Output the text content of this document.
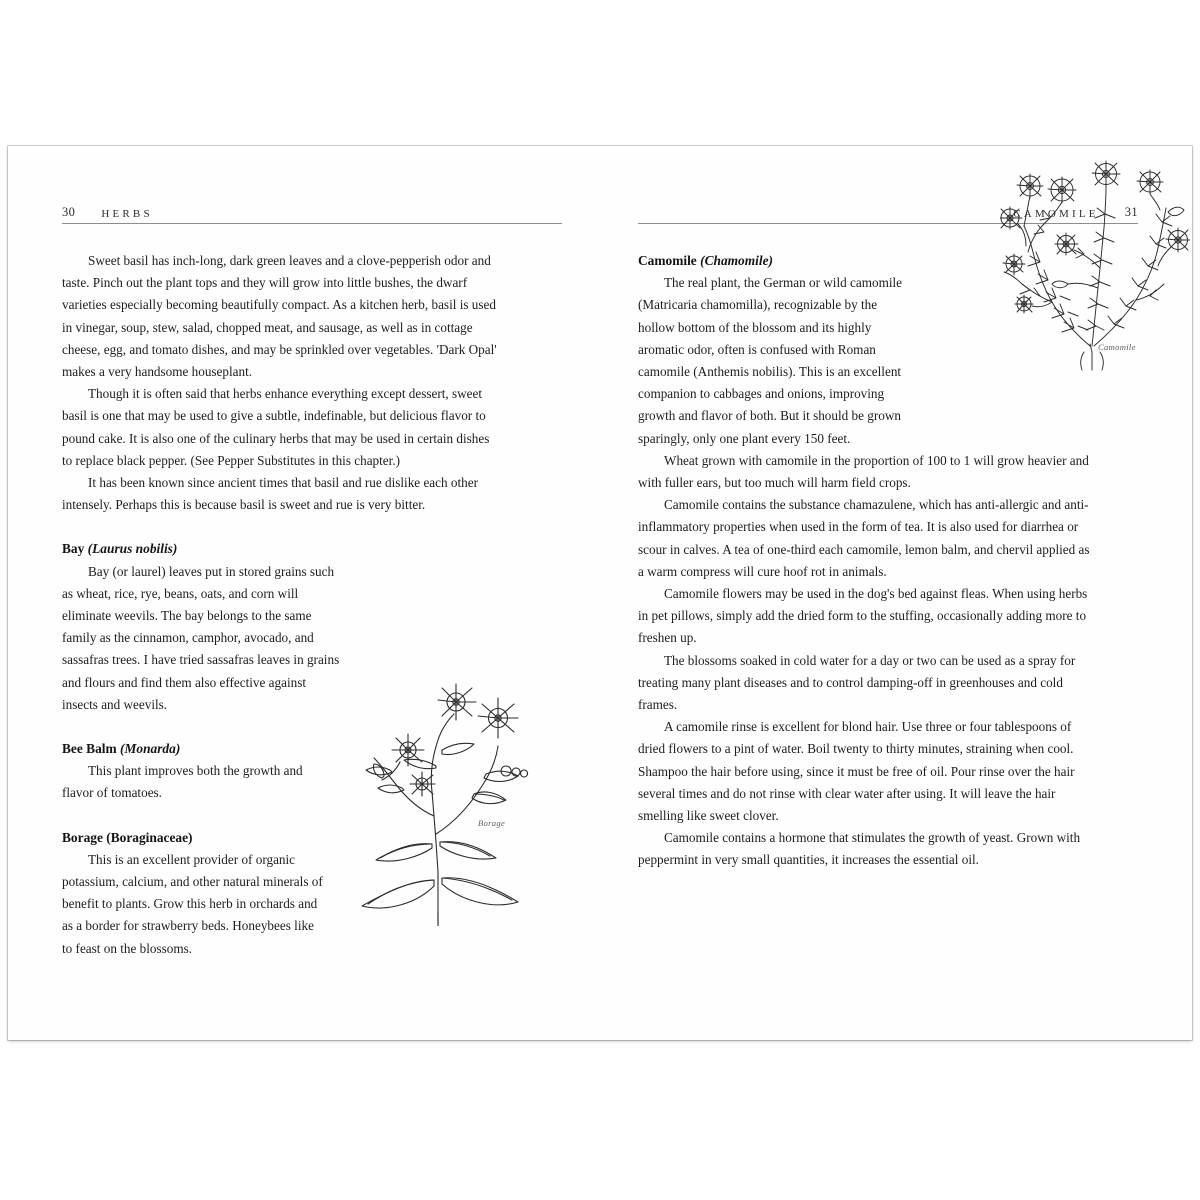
30 HERBS

Sweet basil has inch-long, dark green leaves and a clove-pepperish odor and taste. Pinch out the plant tops and they will grow into little bushes, the dwarf varieties especially becoming beautifully compact. As a kitchen herb, basil is used in vinegar, soup, stew, salad, chopped meat, and sausage, as well as in cottage cheese, egg, and tomato dishes, and may be sprinkled over vegetables. 'Dark Opal' makes a very handsome houseplant.

Though it is often said that herbs enhance everything except dessert, sweet basil is one that may be used to give a subtle, indefinable, but delicious flavor to pound cake. It is also one of the culinary herbs that may be used in certain dishes to replace black pepper. (See Pepper Substitutes in this chapter.)

It has been known since ancient times that basil and rue dislike each other intensely. Perhaps this is because basil is sweet and rue is very bitter.

Bay (Laurus nobilis)

Bay (or laurel) leaves put in stored grains such as wheat, rice, rye, beans, oats, and corn will eliminate weevils. The bay belongs to the same family as the cinnamon, camphor, avocado, and sassafras trees. I have tried sassafras leaves in grains and flours and find them also effective against insects and weevils.

Bee Balm (Monarda)

This plant improves both the growth and flavor of tomatoes.

Borage (Boraginaceae)

This is an excellent provider of organic potassium, calcium, and other natural minerals of benefit to plants. Grow this herb in orchards and as a border for strawberry beds. Honeybees like to feast on the blossoms.

Borage
CAMOMILE 31
Camomile (Chamomile)

The real plant, the German or wild camomile (Matricaria chamomilla), recognizable by the hollow bottom of the blossom and its highly aromatic odor, often is confused with Roman camomile (Anthemis nobilis). This is an excellent companion to cabbages and onions, improving growth and flavor of both. But it should be grown sparingly, only one plant every 150 feet.

Wheat grown with camomile in the proportion of 100 to 1 will grow heavier and with fuller ears, but too much will harm field crops.

Camomile contains the substance chamazulene, which has anti-allergic and anti-inflammatory properties when used in the form of tea. It is also used for diarrhea or scour in calves. A tea of one-third each camomile, lemon balm, and chervil applied as a warm compress will cure hoof rot in animals.

Camomile flowers may be used in the dog's bed against fleas. When using herbs in pet pillows, simply add the dried form to the stuffing, occasionally adding more to freshen up.

The blossoms soaked in cold water for a day or two can be used as a spray for treating many plant diseases and to control damping-off in greenhouses and cold frames.

A camomile rinse is excellent for blond hair. Use three or four tablespoons of dried flowers to a pint of water. Boil twenty to thirty minutes, straining when cool. Shampoo the hair before using, since it must be free of oil. Pour rinse over the hair several times and do not rinse with clear water after using. It will leave the hair smelling like sweet clover.

Camomile contains a hormone that stimulates the growth of yeast. Grown with peppermint in very small quantities, it increases the essential oil.

Camomile
